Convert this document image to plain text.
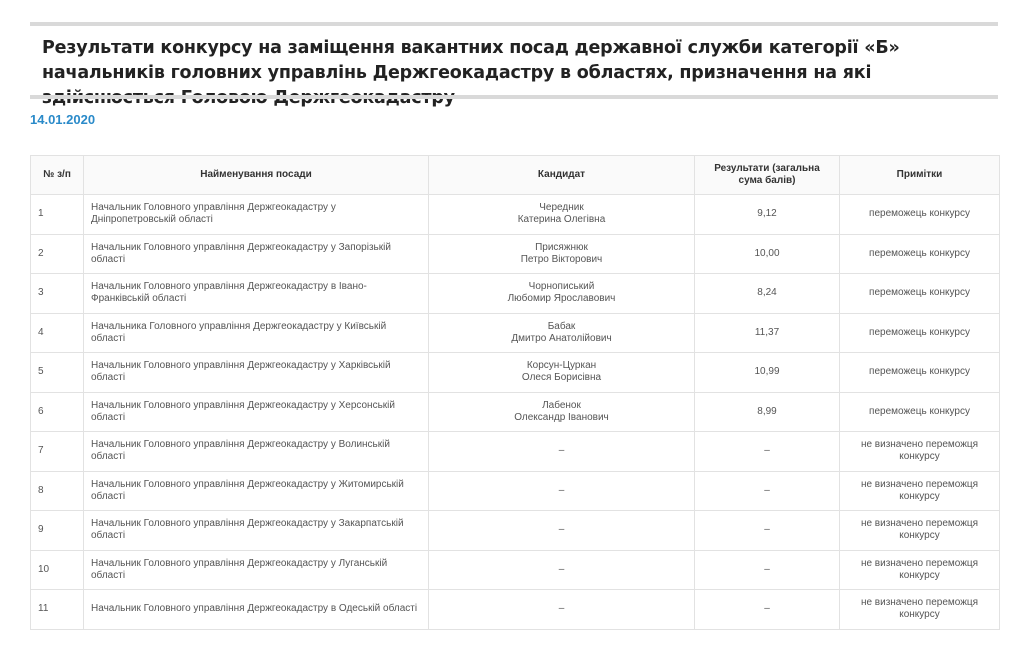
Результати конкурсу на заміщення вакантних посад державної служби категорії «Б» начальників головних управлінь Держгеокадастру в областях, призначення на які
14.01.2020
№ з/п	Найменування посади	Кандидат	Результати (загальна сума балів)	Примітки
1	Начальник Головного управління Держгеокадастру у Дніпропетровській області	Чередник
Катерина Олегівна	9,12	переможець конкурсу
2	Начальник Головного управління Держгеокадастру у Запорізькій області	Присяжнюк
Петро Вікторович	10,00	переможець конкурсу
3	Начальник Головного управління Держгеокадастру в Івано-Франківській області	Чорнописький
Любомир Ярославович	8,24	переможець конкурсу
4	Начальника Головного управління Держгеокадастру у Київській області	Бабак
Дмитро Анатолійович	11,37	переможець конкурсу
5	Начальник Головного управління Держгеокадастру у Харківській області	Корсун-Цуркан
Олеся Борисівна	10,99	переможець конкурсу
6	Начальник Головного управління Держгеокадастру у Херсонській області	Лабенок
Олександр Іванович	8,99	переможець конкурсу
7	Начальник Головного управління Держгеокадастру у Волинській області	–	–	не визначено переможця конкурсу
8	Начальник Головного управління Держгеокадастру у Житомирській області	–	–	не визначено переможця конкурсу
9	Начальник Головного управління Держгеокадастру у Закарпатській області	–	–	не визначено переможця конкурсу
10	Начальник Головного управління Держгеокадастру у Луганській області	–	–	не визначено переможця конкурсу
11	Начальник Головного управління Держгеокадастру в Одеській області	–	–	не визначено переможця конкурсу
